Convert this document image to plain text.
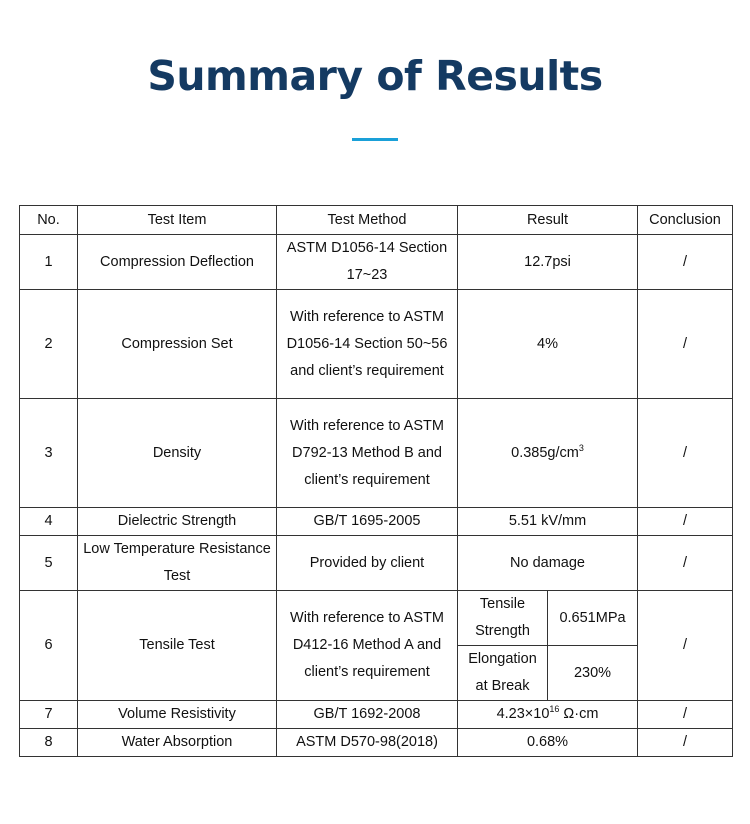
Summary of Results
No.	Test Item	Test Method	Result		Conclusion
1	Compression Deflection	ASTM D1056-14 Section 17~23	12.7psi		/
2	Compression Set	With reference to ASTM D1056-14 Section 50~56 and client’s requirement	4%		/
3	Density	With reference to ASTM D792-13 Method B and client’s requirement	$0.385g/cm^3$		/
4	Dielectric Strength	GB/T 1695-2005	5.51 kV/mm		/
5	Low Temperature Resistance Test	Provided by client	No damage		/
6	Tensile Test	With reference to ASTM D412-16 Method A and client’s requirement	Tensile Strength	0.651MPa	/
			Elongation at Break	230%	
7	Volume Resistivity	GB/T 1692-2008	$4.23\times 10^{16}$ Ω·cm		/
8	Water Absorption	ASTM D570-98(2018)	0.68%		/
